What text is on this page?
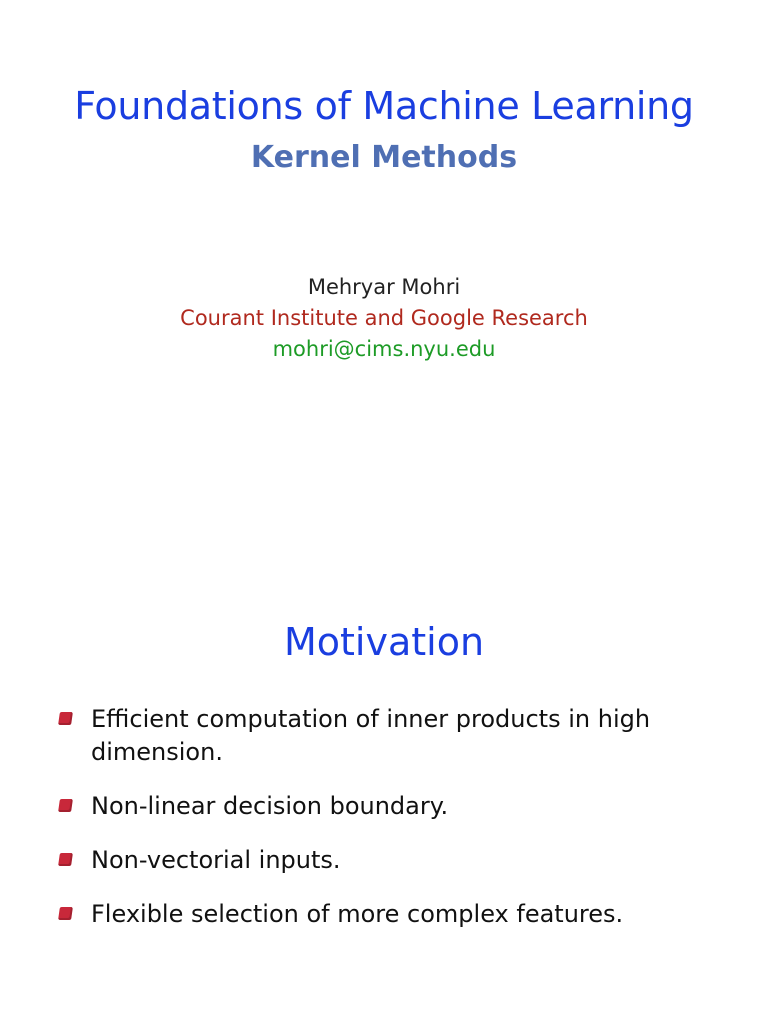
Foundations of Machine Learning
Kernel Methods
Mehryar Mohri
Courant Institute and Google Research
mohri@cims.nyu.edu
Motivation
Efficient computation of inner products in high dimension.
Non-linear decision boundary.
Non-vectorial inputs.
Flexible selection of more complex features.
